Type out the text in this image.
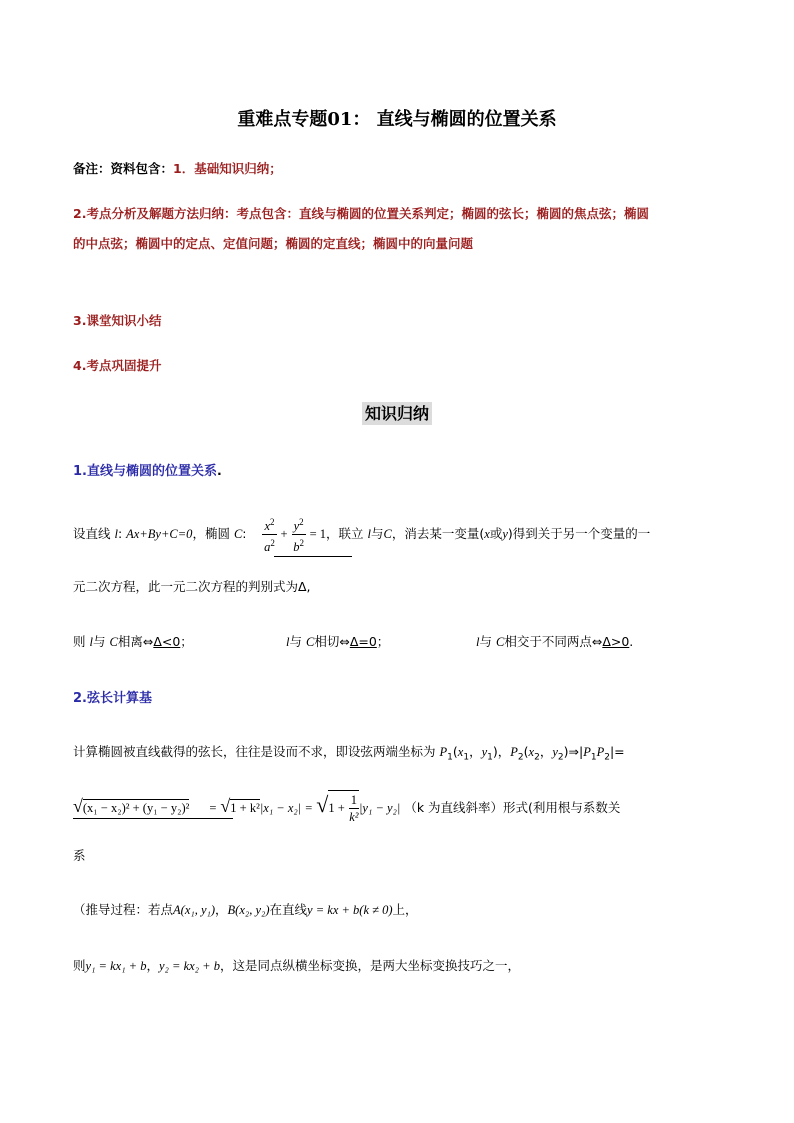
重难点专题01： 直线与椭圆的位置关系
备注：资料包含：1．基础知识归纳；
2.考点分析及解题方法归纳：考点包含：直线与椭圆的位置关系判定；椭圆的弦长；椭圆的焦点弦；椭圆
的中点弦；椭圆中的定点、定值问题；椭圆的定直线；椭圆中的向量问题
3.课堂知识小结
4.考点巩固提升
知识归纳
1.直线与椭圆的位置关系.
设直线 l: Ax+By+C=0，椭圆 C: $\frac{x^2}{a^2} + \frac{y^2}{b^2} = 1$，联立 l与C，消去某一变量(x或y)得到关于另一个变量的一
元二次方程，此一元二次方程的判别式为Δ,
则 l与 C相离⇔Δ<0；	l与 C相切⇔Δ=0；	l与 C相交于不同两点⇔Δ>0.
2.弦长计算基
计算椭圆被直线截得的弦长，往往是设而不求，即设弦两端坐标为 $P_1(x_1$，$y_1$)，$P_2(x_2$，$y_2)\Rightarrow|P_1P_2|=$
$√(x_1 - x_2)^2 + (y_1 - y_2)^2 = √1 + k^2|x_1 - x_2| = √1 + \frac{1}{\text{k²}} |y_1 - y_2|$ （k 为直线斜率）形式(利用根与系数关
系
（推导过程：若点A(x₁, y₁)，B(x₂, y₂)在直线y = kx + b(k ≠ 0)上，
则y₁ = kx₁ + b，y₂ = kx₂ + b，这是同点纵横坐标变换，是两大坐标变换技巧之一，
